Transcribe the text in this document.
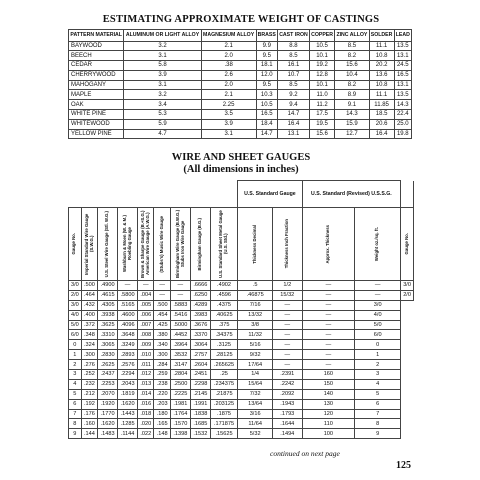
ESTIMATING APPROXIMATE WEIGHT OF CASTINGS
PATTERN MATERIAL	ALUMINUM OR LIGHT ALLOY	MAGNESIUM ALLOY	BRASS	CAST IRON	COPPER	ZINC ALLOY	SOLDER	LEAD
BAYWOOD	3.2	2.1	9.9	8.8	10.5	8.5	11.1	13.5
BEECH	3.1	2.0	9.5	8.5	10.1	8.2	10.8	13.1
CEDAR	5.8	.38	18.1	16.1	19.2	15.6	20.2	24.5
CHERRYWOOD	3.9	2.6	12.0	10.7	12.8	10.4	13.6	16.5
MAHOGANY	3.1	2.0	9.5	8.5	10.1	8.2	10.8	13.1
MAPLE	3.2	2.1	10.3	9.2	11.0	8.9	11.1	13.5
OAK	3.4	2.25	10.5	9.4	11.2	9.1	11.85	14.3
WHITE PINE	5.3	3.5	16.5	14.7	17.5	14.3	18.5	22.4
WHITEWOOD	5.9	3.9	18.4	16.4	19.5	15.9	20.6	25.0
YELLOW PINE	4.7	3.1	14.7	13.1	15.6	12.7	16.4	19.8
WIRE AND SHEET GAUGES
(All dimensions in inches)
									U.S. Standard Gauge		U.S. Standard (Revised) U.S.S.G.		

Gauge No.	Imperial Standard Wire Gauge (S.W.G.)	U.S. Steel Wire Gauge (Stl. W.G.)	Washburn & Moen (W. & M.) Roebling Gauge	Brown & Sharpe Gauge (B.+S.G.) American Wire Gauge (A.W.G.)	(Stubs's) Music Wire Gauge	Birmingham Wire Gauge (B.W.G.) Stubs Iron Wire Gauge	Birmingham Gauge (B.G.)	U.S. Standard Sheet Metal Gauge (U.S. Std.)	Thickness Decimal	Thickness Inch Fraction	Approx. Thickness	Weight oz./sq. ft.	Gauge No.

3/0	.500	.4900	—	—	—	—	.6666	.4902	.5	1/2	—	—	3/0
2/0	.464	.4615	.5800	.004	—	—	.6250	.4596	.46875	15/32	—	—	2/0
3/0	.432	.4305	.5165	.005	.500	.5883	.4289	.4375	7/16	—	—	3/0	
4/0	.400	.3938	.4600	.006	.454	.5416	.3983	.40625	13/32	—	—	4/0	
5/0	.372	.3625	.4096	.007	.425	.5000	.3676	.375	3/8	—	—	5/0	
6/0	.348	.3310	.3648	.008	.380	.4452	.3370	.34375	11/32	—	—	6/0	
0	.324	.3065	.3249	.009	.340	.3964	.3064	.3125	5/16	—	—	0	
1	.300	.2830	.2893	.010	.300	.3532	.2757	.28125	9/32	—	—	1	
2	.276	.2625	.2576	.011	.284	.3147	.2604	.265625	17/64	—	—	2	
3	.252	.2437	.2294	.012	.259	.2804	.2451	.25	1/4	.2391	160	3	
4	.232	.2253	.2043	.013	.238	.2500	.2298	.234375	15/64	.2242	150	4	
5	.212	.2070	.1819	.014	.220	.2225	.2145	.21875	7/32	.2092	140	5	
6	.192	.1920	.1620	.016	.203	.1981	.1991	.203125	13/64	.1943	130	6	
7	.176	.1770	.1443	.018	.180	.1764	.1838	.1875	3/16	.1793	120	7	
8	.160	.1620	.1285	.020	.165	.1570	.1685	.171875	11/64	.1644	110	8	
9	.144	.1483	.1144	.022	.148	.1398	.1532	.15625	5/32	.1494	100	9	
continued on next page
125
